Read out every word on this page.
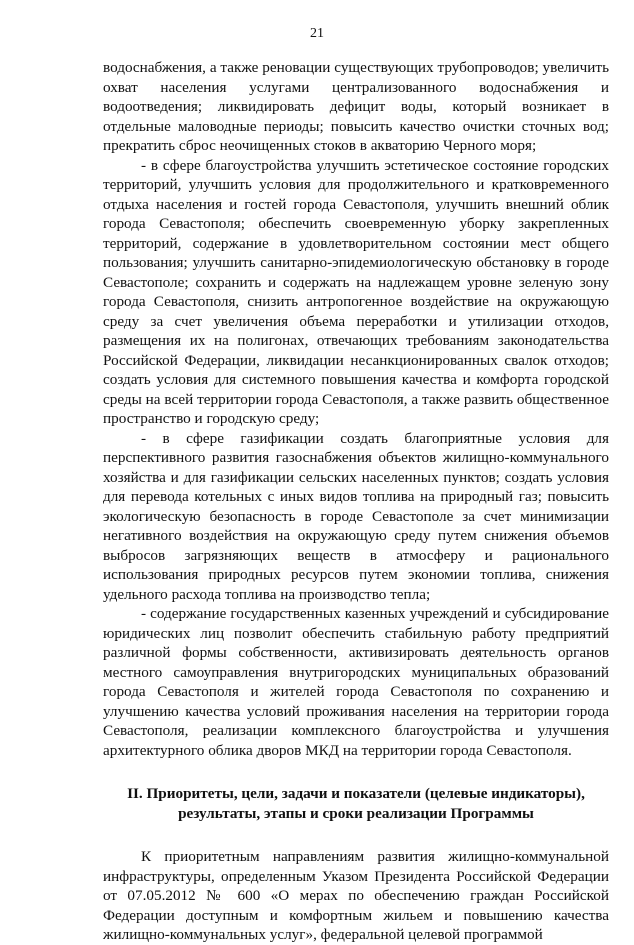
21

водоснабжения, а также реновации существующих трубопроводов; увеличить охват населения услугами централизованного водоснабжения и водоотведения; ликвидировать дефицит воды, который возникает в отдельные маловодные периоды; повысить качество очистки сточных вод; прекратить сброс неочищенных стоков в акваторию Черного моря;

- в сфере благоустройства улучшить эстетическое состояние городских территорий, улучшить условия для продолжительного и кратковременного отдыха населения и гостей города Севастополя, улучшить внешний облик города Севастополя; обеспечить своевременную уборку закрепленных территорий, содержание в удовлетворительном состоянии мест общего пользования; улучшить санитарно-эпидемиологическую обстановку в городе Севастополе; сохранить и содержать на надлежащем уровне зеленую зону города Севастополя, снизить антропогенное воздействие на окружающую среду за счет увеличения объема переработки и утилизации отходов, размещения их на полигонах, отвечающих требованиям законодательства Российской Федерации, ликвидации несанкционированных свалок отходов; создать условия для системного повышения качества и комфорта городской среды на всей территории города Севастополя, а также развить общественное пространство и городскую среду;

- в сфере газификации создать благоприятные условия для перспективного развития газоснабжения объектов жилищно-коммунального хозяйства и для газификации сельских населенных пунктов; создать условия для перевода котельных с иных видов топлива на природный газ; повысить экологическую безопасность в городе Севастополе за счет минимизации негативного воздействия на окружающую среду путем снижения объемов выбросов загрязняющих веществ в атмосферу и рационального использования природных ресурсов путем экономии топлива, снижения удельного расхода топлива на производство тепла;

- содержание государственных казенных учреждений и субсидирование юридических лиц позволит обеспечить стабильную работу предприятий различной формы собственности, активизировать деятельность органов местного самоуправления внутригородских муниципальных образований города Севастополя и жителей города Севастополя по сохранению и улучшению качества условий проживания населения на территории города Севастополя, реализации комплексного благоустройства и улучшения архитектурного облика дворов МКД на территории города Севастополя.

II. Приоритеты, цели, задачи и показатели (целевые индикаторы),
результаты, этапы и сроки реализации Программы

К приоритетным направлениям развития жилищно-коммунальной инфраструктуры, определенным Указом Президента Российской Федерации от 07.05.2012 № 600 «О мерах по обеспечению граждан Российской Федерации доступным и комфортным жильем и повышению качества жилищно-коммунальных услуг», федеральной целевой программой
